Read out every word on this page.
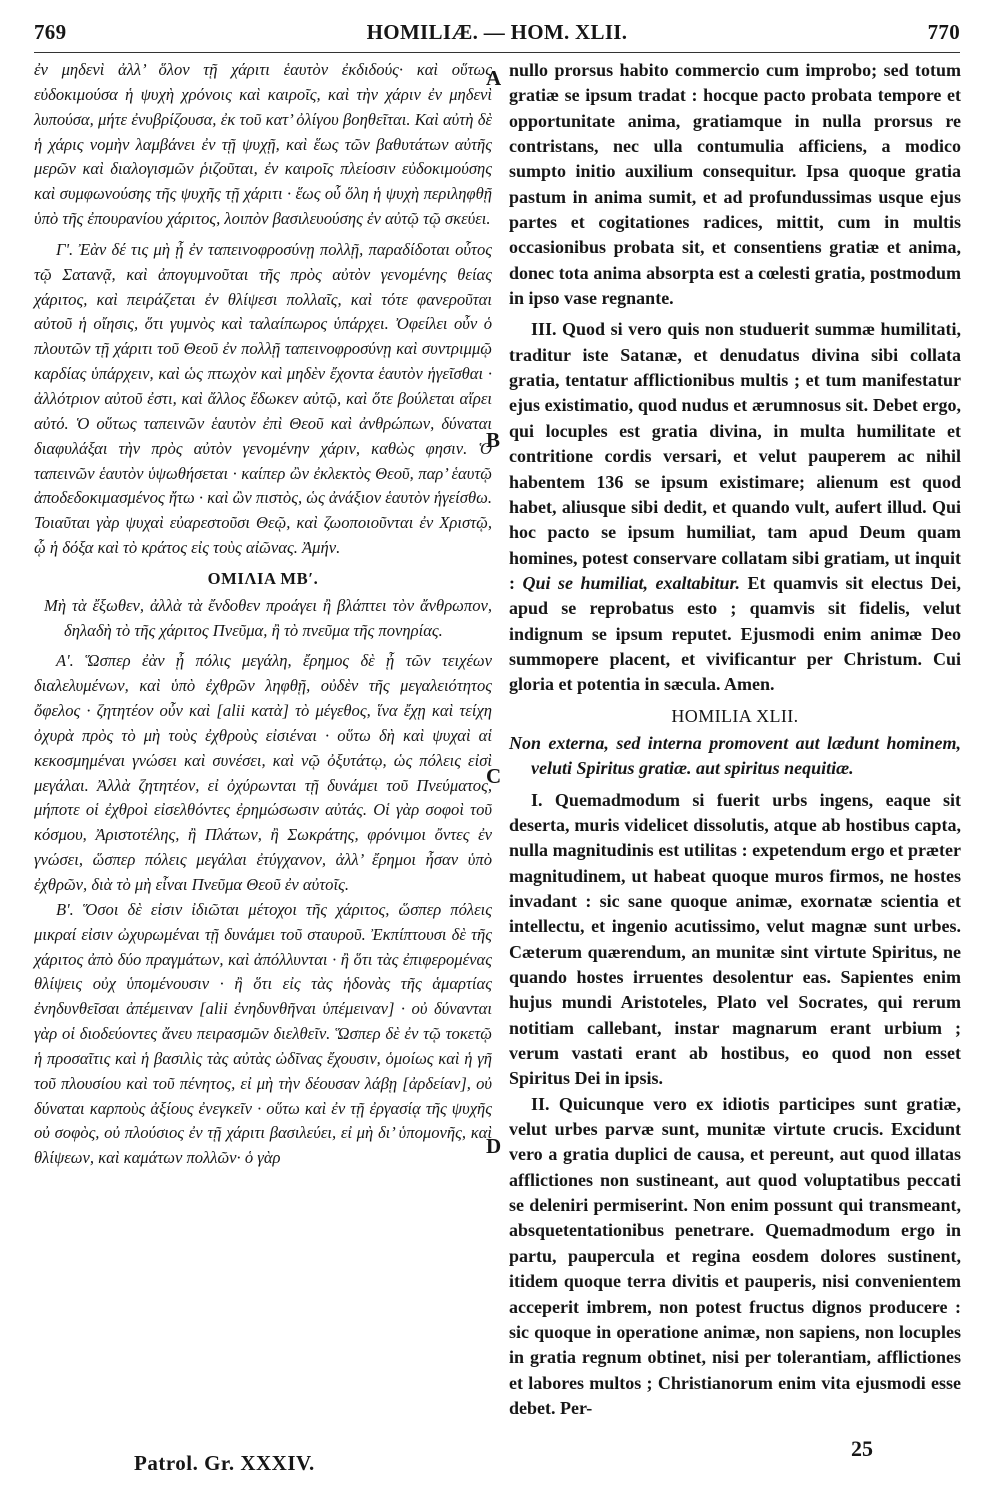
769	HOMILIÆ. — HOM. XLII.	770

ἐν μηδενὶ ἀλλ’ ὅλον τῇ χάριτι ἑαυτὸν ἐκδιδούς· καὶ οὕτως εὐδοκιμούσα ἡ ψυχὴ χρόνοις καὶ καιροῖς, καὶ τὴν χάριν ἐν μηδενὶ λυπούσα, μήτε ἐνυβρίζουσα, ἐκ τοῦ κατ’ ὀλίγου βοηθεῖται. Καὶ αὐτὴ δὲ ἡ χάρις νομὴν λαμβάνει ἐν τῇ ψυχῇ, καὶ ἕως τῶν βαθυτάτων αὐτῆς μερῶν καὶ διαλογισμῶν ῥιζοῦται, ἐν καιροῖς πλείοσιν εὐδοκιμούσης καὶ συμφωνούσης τῆς ψυχῆς τῇ χάριτι · ἕως οὗ ὅλη ἡ ψυχὴ περιληφθῇ ὑπὸ τῆς ἐπουρανίου χάριτος, λοιπὸν βασιλευούσης ἐν αὐτῷ τῷ σκεύει.

Γʹ. Ἐὰν δέ τις μὴ ᾖ ἐν ταπεινοφροσύνῃ πολλῇ, παραδίδοται οὗτος τῷ Σατανᾷ, καὶ ἀπογυμνοῦται τῆς πρὸς αὐτὸν γενομένης θείας χάριτος, καὶ πειράζεται ἐν θλίψεσι πολλαῖς, καὶ τότε φανεροῦται αὐτοῦ ἡ οἴησις, ὅτι γυμνὸς καὶ ταλαίπωρος ὑπάρχει. Ὀφείλει οὖν ὁ πλουτῶν τῇ χάριτι τοῦ Θεοῦ ἐν πολλῇ ταπεινοφροσύνῃ καὶ συντριμμῷ καρδίας ὑπάρχειν, καὶ ὡς πτωχὸν καὶ μηδὲν ἔχοντα ἑαυτὸν ἡγεῖσθαι · ἀλλότριον αὐτοῦ ἐστι, καὶ ἄλλος ἔδωκεν αὐτῷ, καὶ ὅτε βούλεται αἴρει αὐτό. Ὁ οὕτως ταπεινῶν ἑαυτὸν ἐπὶ Θεοῦ καὶ ἀνθρώπων, δύναται διαφυλάξαι τὴν πρὸς αὐτὸν γενομένην χάριν, καθὼς φησιν. Ὁ ταπεινῶν ἑαυτὸν ὑψωθήσεται · καίπερ ὢν ἐκλεκτὸς Θεοῦ, παρ’ ἑαυτῷ ἀποδεδοκιμασμένος ἤτω · καὶ ὢν πιστὸς, ὡς ἀνάξιον ἑαυτὸν ἡγείσθω. Τοιαῦται γὰρ ψυχαὶ εὐαρεστοῦσι Θεῷ, καὶ ζωοποιοῦνται ἐν Χριστῷ, ᾧ ἡ δόξα καὶ τὸ κράτος εἰς τοὺς αἰῶνας. Ἀμήν.

ΟΜΙΛΙΑ ΜΒʹ.

Μὴ τὰ ἔξωθεν, ἀλλὰ τὰ ἔνδοθεν προάγει ἢ βλάπτει τὸν ἄνθρωπον, δηλαδὴ τὸ τῆς χάριτος Πνεῦμα, ἢ τὸ πνεῦμα τῆς πονηρίας.

Αʹ. Ὥσπερ ἐὰν ᾖ πόλις μεγάλη, ἔρημος δὲ ᾖ τῶν τειχέων διαλελυμένων, καὶ ὑπὸ ἐχθρῶν ληφθῇ, οὐδὲν τῆς μεγαλειότητος ὄφελος · ζητητέον οὖν καὶ [alii κατὰ] τὸ μέγεθος, ἵνα ἔχῃ καὶ τείχη ὀχυρὰ πρὸς τὸ μὴ τοὺς ἐχθροὺς εἰσιέναι · οὕτω δὴ καὶ ψυχαὶ αἱ κεκοσμημέναι γνώσει καὶ συνέσει, καὶ νῷ ὀξυτάτῳ, ὡς πόλεις εἰσὶ μεγάλαι. Ἀλλὰ ζητητέον, εἰ ὀχύρωνται τῇ δυνάμει τοῦ Πνεύματος, μήποτε οἱ ἐχθροὶ εἰσελθόντες ἐρημώσωσιν αὐτάς. Οἱ γὰρ σοφοὶ τοῦ κόσμου, Ἀριστοτέλης, ἢ Πλάτων, ἢ Σωκράτης, φρόνιμοι ὄντες ἐν γνώσει, ὥσπερ πόλεις μεγάλαι ἐτύγχανον, ἀλλ’ ἔρημοι ἦσαν ὑπὸ ἐχθρῶν, διὰ τὸ μὴ εἶναι Πνεῦμα Θεοῦ ἐν αὐτοῖς.

Βʹ. Ὅσοι δὲ εἰσιν ἰδιῶται μέτοχοι τῆς χάριτος, ὥσπερ πόλεις μικραί εἰσιν ὠχυρωμέναι τῇ δυνάμει τοῦ σταυροῦ. Ἐκπίπτουσι δὲ τῆς χάριτος ἀπὸ δύο πραγμάτων, καὶ ἀπόλλυνται · ἢ ὅτι τὰς ἐπιφερομένας θλίψεις οὐχ ὑπομένουσιν · ἢ ὅτι εἰς τὰς ἡδονὰς τῆς ἁμαρτίας ἐνηδυνθεῖσαι ἀπέμειναν [alii ἐνηδυνθῆναι ὑπέμειναν] · οὐ δύνανται γὰρ οἱ διοδεύοντες ἄνευ πειρασμῶν διελθεῖν. Ὥσπερ δὲ ἐν τῷ τοκετῷ ἡ προσαῖτις καὶ ἡ βασιλὶς τὰς αὐτὰς ὠδῖνας ἔχουσιν, ὁμοίως καὶ ἡ γῆ τοῦ πλουσίου καὶ τοῦ πένητος, εἰ μὴ τὴν δέουσαν λάβῃ [ἀρδείαν], οὐ δύναται καρποὺς ἀξίους ἐνεγκεῖν · οὕτω καὶ ἐν τῇ ἐργασίᾳ τῆς ψυχῆς οὐ σοφὸς, οὐ πλούσιος ἐν τῇ χάριτι βασιλεύει, εἰ μὴ δι’ ὑπομονῆς, καὶ θλίψεων, καὶ καμάτων πολλῶν· ὁ γὰρ

A
B
C
D

nullo prorsus habito commercio cum improbo; sed totum gratiæ se ipsum tradat : hocque pacto probata tempore et opportunitate anima, gratiamque in nulla prorsus re contristans, nec ulla contumulia afficiens, a modico sumpto initio auxilium consequitur. Ipsa quoque gratia pastum in anima sumit, et ad profundussimas usque ejus partes et cogitationes radices, mittit, cum in multis occasionibus probata sit, et consentiens gratiæ et anima, donec tota anima absorpta est a cœlesti gratia, postmodum in ipso vase regnante.

III. Quod si vero quis non studuerit summæ humilitati, traditur iste Satanæ, et denudatus divina sibi collata gratia, tentatur afflictionibus multis ; et tum manifestatur ejus existimatio, quod nudus et ærumnosus sit. Debet ergo, qui locuples est gratia divina, in multa humilitate et contritione cordis versari, et velut pauperem ac nihil habentem 136 se ipsum existimare; alienum est quod habet, aliusque sibi dedit, et quando vult, aufert illud. Qui hoc pacto se ipsum humiliat, tam apud Deum quam homines, potest conservare collatam sibi gratiam, ut inquit : Qui se humiliat, exaltabitur. Et quamvis sit electus Dei, apud se reprobatus esto ; quamvis sit fidelis, velut indignum se ipsum reputet. Ejusmodi enim animæ Deo summopere placent, et vivificantur per Christum. Cui gloria et potentia in sæcula. Amen.

HOMILIA XLII.

Non externa, sed interna promovent aut lædunt hominem, veluti Spiritus gratiæ. aut spiritus nequitiæ.

I. Quemadmodum si fuerit urbs ingens, eaque sit deserta, muris videlicet dissolutis, atque ab hostibus capta, nulla magnitudinis est utilitas : expetendum ergo et præter magnitudinem, ut habeat quoque muros firmos, ne hostes invadant : sic sane quoque animæ, exornatæ scientia et intellectu, et ingenio acutissimo, velut magnæ sunt urbes. Cæterum quærendum, an munitæ sint virtute Spiritus, ne quando hostes irruentes desolentur eas. Sapientes enim hujus mundi Aristoteles, Plato vel Socrates, qui rerum notitiam callebant, instar magnarum erant urbium ; verum vastati erant ab hostibus, eo quod non esset Spiritus Dei in ipsis.

II. Quicunque vero ex idiotis participes sunt gratiæ, velut urbes parvæ sunt, munitæ virtute crucis. Excidunt vero a gratia duplici de causa, et pereunt, aut quod illatas afflictiones non sustineant, aut quod voluptatibus peccati se deleniri permiserint. Non enim possunt qui transmeant, absquetentationibus penetrare. Quemadmodum ergo in partu, paupercula et regina eosdem dolores sustinent, itidem quoque terra divitis et pauperis, nisi convenientem acceperit imbrem, non potest fructus dignos producere : sic quoque in operatione animæ, non sapiens, non locuples in gratia regnum obtinet, nisi per tolerantiam, afflictiones et labores multos ; Christianorum enim vita ejusmodi esse debet. Per-

Patrol. Gr. XXXIV.
25
